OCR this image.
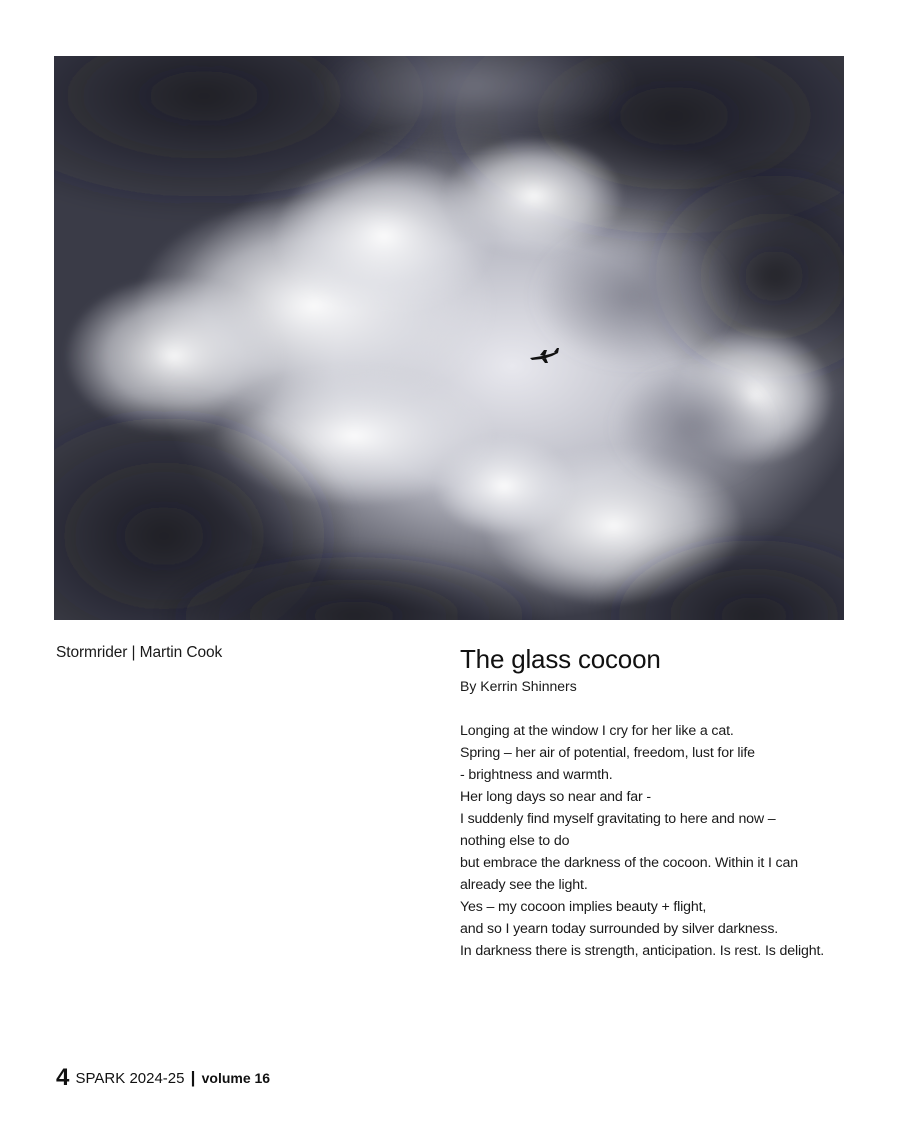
Stormrider | Martin Cook	The glass cocoon

By Kerrin Shinners

Longing at the window I cry for her like a cat.
Spring – her air of potential, freedom, lust for life
- brightness and warmth.
Her long days so near and far -
I suddenly find myself gravitating to here and now –
nothing else to do
but embrace the darkness of the cocoon. Within it I can
already see the light.
Yes – my cocoon implies beauty + flight,
and so I yearn today surrounded by silver darkness.
In darkness there is strength, anticipation. Is rest. Is delight.
4 SPARK 2024-25 | volume 16
